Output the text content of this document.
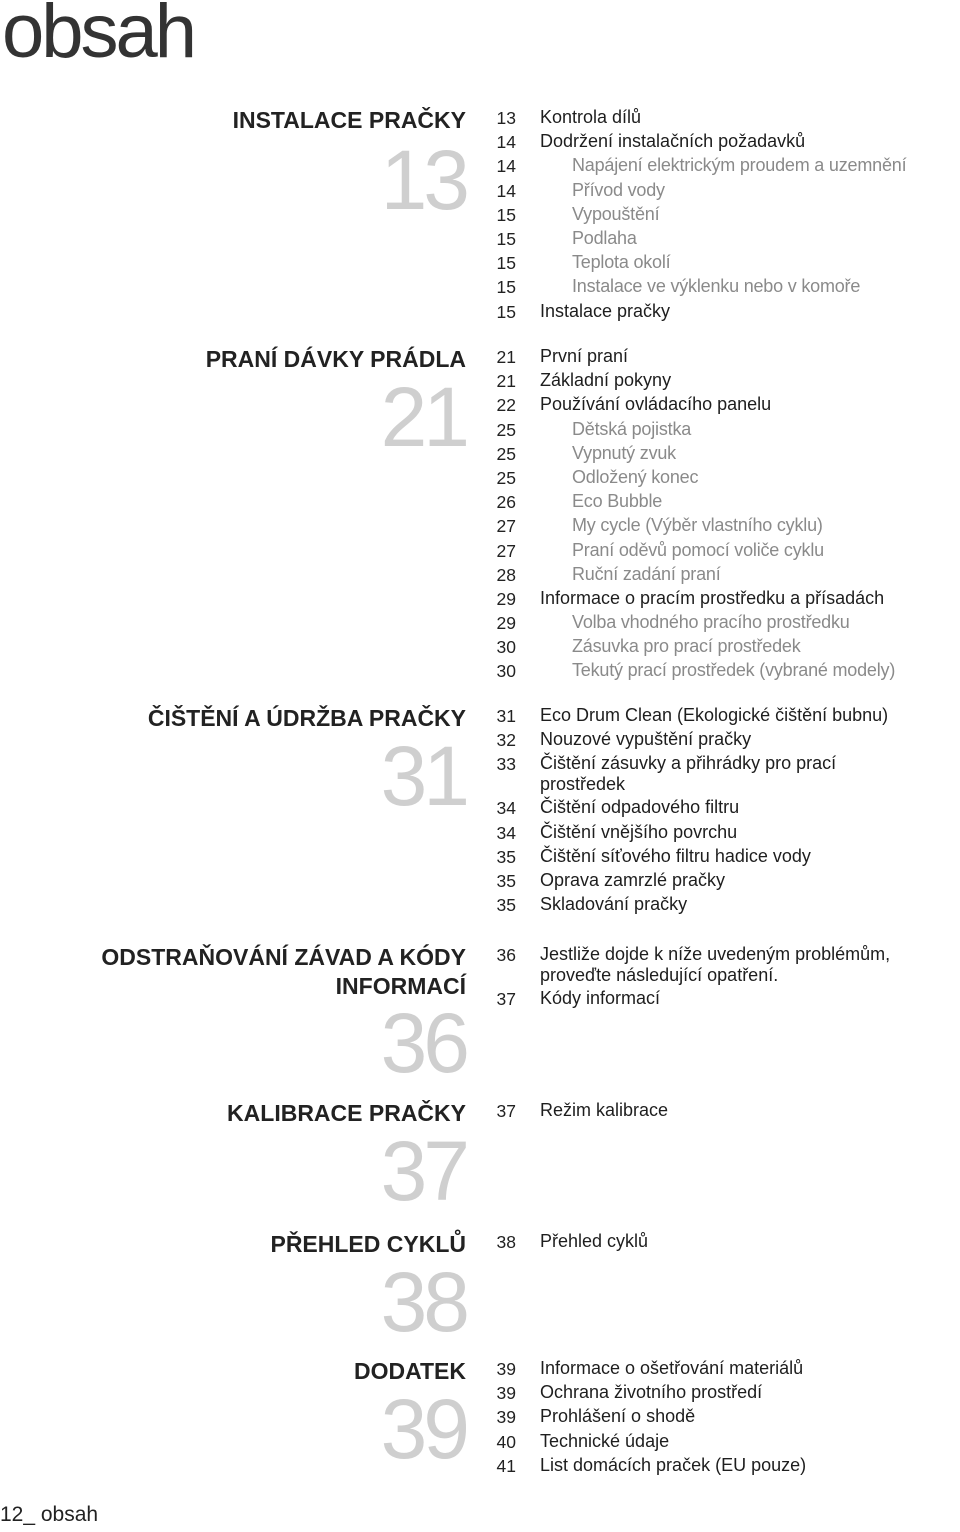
obsah
INSTALACE PRAČKY
13
13 Kontrola dílů
14 Dodržení instalačních požadavků
14	Napájení elektrickým proudem a uzemnění
14	Přívod vody
15	Vypouštění
15	Podlaha
15	Teplota okolí
15	Instalace ve výklenku nebo v komoře
15 Instalace pračky
PRANÍ DÁVKY PRÁDLA
21
21 První praní
21 Základní pokyny
22 Používání ovládacího panelu
25	Dětská pojistka
25	Vypnutý zvuk
25	Odložený konec
26	Eco Bubble
27	My cycle (Výběr vlastního cyklu)
27	Praní oděvů pomocí voliče cyklu
28	Ruční zadání praní
29 Informace o pracím prostředku a přísadách
29	Volba vhodného pracího prostředku
30	Zásuvka pro prací prostředek
30	Tekutý prací prostředek (vybrané modely)
ČIŠTĚNÍ A ÚDRŽBA PRAČKY
31
31 Eco Drum Clean (Ekologické čištění bubnu)
32 Nouzové vypuštění pračky
33 Čištění zásuvky a přihrádky pro prací prostředek
34 Čištění odpadového filtru
34 Čištění vnějšího povrchu
35 Čištění síťového filtru hadice vody
35 Oprava zamrzlé pračky
35 Skladování pračky
ODSTRAŇOVÁNÍ ZÁVAD A KÓDY
INFORMACÍ
36
36 Jestliže dojde k níže uvedeným problémům, proveďte následující opatření.
37 Kódy informací
KALIBRACE PRAČKY
37
37 Režim kalibrace
PŘEHLED CYKLŮ
38
38 Přehled cyklů
DODATEK
39
39 Informace o ošetřování materiálů
39 Ochrana životního prostředí
39 Prohlášení o shodě
40 Technické údaje
41 List domácích praček (EU pouze)
12_ obsah
